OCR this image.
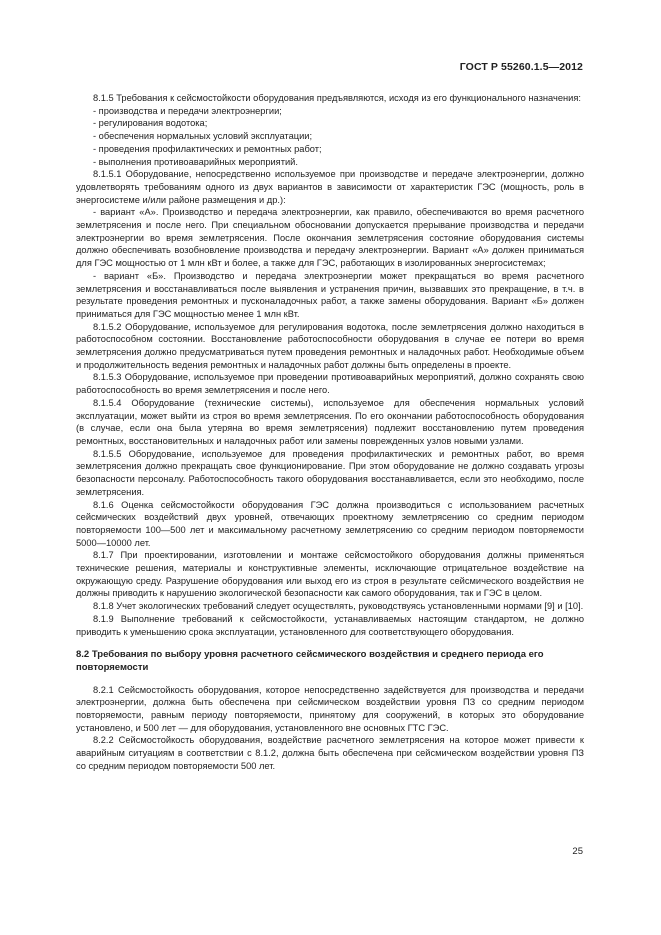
ГОСТ Р 55260.1.5—2012

8.1.5 Требования к сейсмостойкости оборудования предъявляются, исходя из его функционального назначения:

- производства и передачи электроэнергии;

- регулирования водотока;

- обеспечения нормальных условий эксплуатации;

- проведения профилактических и ремонтных работ;

- выполнения противоаварийных мероприятий.

8.1.5.1 Оборудование, непосредственно используемое при производстве и передаче электроэнергии, должно удовлетворять требованиям одного из двух вариантов в зависимости от характеристик ГЭС (мощность, роль в энергосистеме и/или районе размещения и др.):

- вариант «А». Производство и передача электроэнергии, как правило, обеспечиваются во время расчетного землетрясения и после него. При специальном обосновании допускается прерывание производства и передачи электроэнергии во время землетрясения. После окончания землетрясения состояние оборудования системы должно обеспечивать возобновление производства и передачу электроэнергии. Вариант «А» должен приниматься для ГЭС мощностью от 1 млн кВт и более, а также для ГЭС, работающих в изолированных энергосистемах;

- вариант «Б». Производство и передача электроэнергии может прекращаться во время расчетного землетрясения и восстанавливаться после выявления и устранения причин, вызвавших это прекращение, в т.ч. в результате проведения ремонтных и пусконаладочных работ, а также замены оборудования. Вариант «Б» должен приниматься для ГЭС мощностью менее 1 млн кВт.

8.1.5.2 Оборудование, используемое для регулирования водотока, после землетрясения должно находиться в работоспособном состоянии. Восстановление работоспособности оборудования в случае ее потери во время землетрясения должно предусматриваться путем проведения ремонтных и наладочных работ. Необходимые объем и продолжительность ведения ремонтных и наладочных работ должны быть определены в проекте.

8.1.5.3 Оборудование, используемое при проведении противоаварийных мероприятий, должно сохранять свою работоспособность во время землетрясения и после него.

8.1.5.4 Оборудование (технические системы), используемое для обеспечения нормальных условий эксплуатации, может выйти из строя во время землетрясения. По его окончании работоспособность оборудования (в случае, если она была утеряна во время землетрясения) подлежит восстановлению путем проведения ремонтных, восстановительных и наладочных работ или замены поврежденных узлов новыми узлами.

8.1.5.5 Оборудование, используемое для проведения профилактических и ремонтных работ, во время землетрясения должно прекращать свое функционирование. При этом оборудование не должно создавать угрозы безопасности персоналу. Работоспособность такого оборудования восстанавливается, если это необходимо, после землетрясения.

8.1.6 Оценка сейсмостойкости оборудования ГЭС должна производиться с использованием расчетных сейсмических воздействий двух уровней, отвечающих проектному землетрясению со средним периодом повторяемости 100—500 лет и максимальному расчетному землетрясению со средним периодом повторяемости 5000—10000 лет.

8.1.7 При проектировании, изготовлении и монтаже сейсмостойкого оборудования должны применяться технические решения, материалы и конструктивные элементы, исключающие отрицательное воздействие на окружающую среду. Разрушение оборудования или выход его из строя в результате сейсмического воздействия не должны приводить к нарушению экологической безопасности как самого оборудования, так и ГЭС в целом.

8.1.8 Учет экологических требований следует осуществлять, руководствуясь установленными нормами [9] и [10].

8.1.9 Выполнение требований к сейсмостойкости, устанавливаемых настоящим стандартом, не должно приводить к уменьшению срока эксплуатации, установленного для соответствующего оборудования.

8.2 Требования по выбору уровня расчетного сейсмического воздействия и среднего периода его повторяемости

8.2.1 Сейсмостойкость оборудования, которое непосредственно задействуется для производства и передачи электроэнергии, должна быть обеспечена при сейсмическом воздействии уровня ПЗ со средним периодом повторяемости, равным периоду повторяемости, принятому для сооружений, в которых это оборудование установлено, и 500 лет — для оборудования, установленного вне основных ГТС ГЭС.

8.2.2 Сейсмостойкость оборудования, воздействие расчетного землетрясения на которое может привести к аварийным ситуациям в соответствии с 8.1.2, должна быть обеспечена при сейсмическом воздействии уровня ПЗ со средним периодом повторяемости 500 лет.

25
